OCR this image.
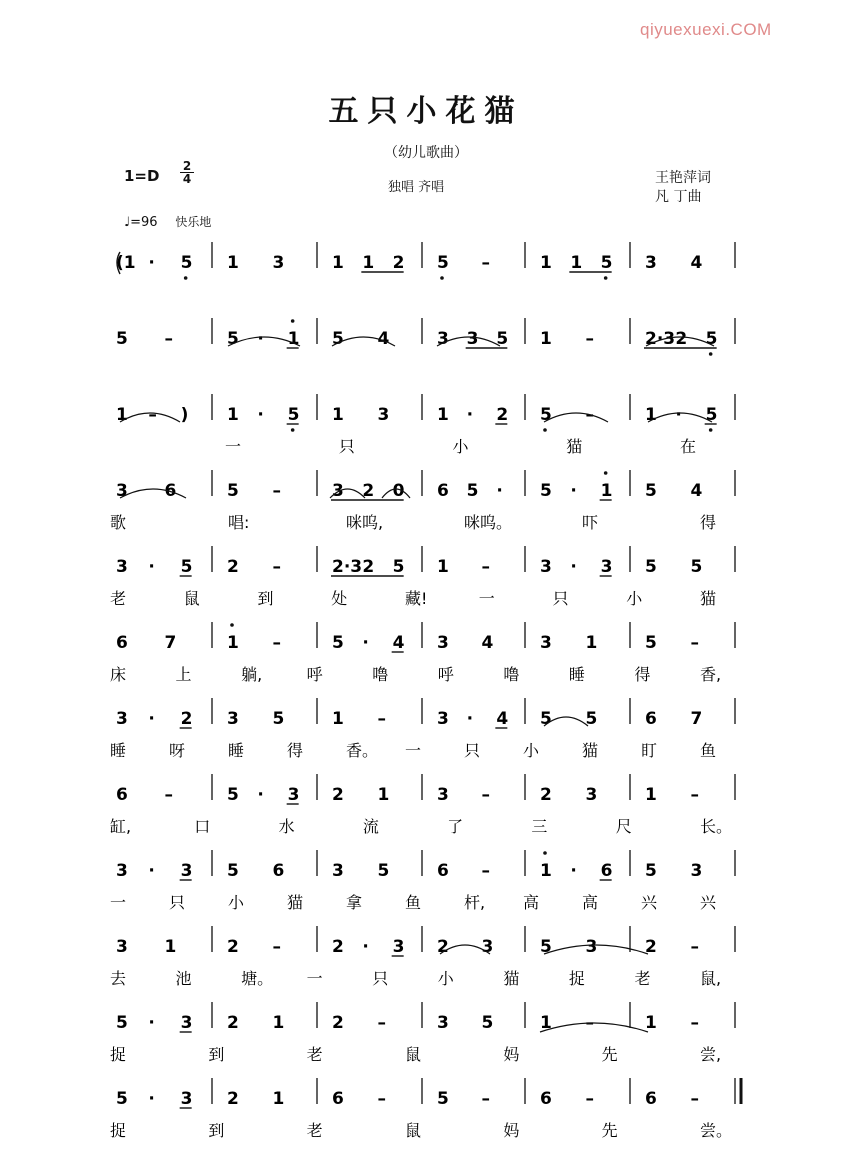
qiyuexuexi.COM
五只小花猫
（幼儿歌曲）
1=D
2
4
独唱 齐唱
王艳萍词
凡 丁曲
♩=96 快乐地
(1 · 5 1 3	1 1 2 5 –	1 1 5 3 4
5 –	5 · 1 5 4	3 3 5 1 –	2·3 2 5
1 – ) 1 · 5 1 3	1 · 2 5 –	1 · 5
一	只	小	猫	在
3 6	5 –	3 2 0 6 5 · 5 · 1 5 4
歌	唱:	咪呜,	咪呜。	吓	得
3 · 5 2 –	2·3 2 5 1 –	3 · 3 5 5
老	鼠	到	处	藏!	一	只	小	猫
6 7	1 –	5 · 4 3 4	3 1	5 –
床	上	躺,	呼	噜	呼	噜	睡	得	香,
3 · 2 3 5	1 –	3 · 4 5 5	6 7
睡	呀	睡	得	香。 一	只	小	猫	盯	鱼
6 –	5 · 3 2 1	3 –	2 3	1 –
缸,	口	水	流	了	三	尺	长。
3 · 3 5 6	3 5	6 –	1 · 6 5 3
一	只	小	猫	拿	鱼	杆, 高	高	兴	兴
3 1	2 –	2 · 3 2 3	5 3	2 –
去	池	塘。 一	只	小	猫	捉	老	鼠,
5 · 3 2 1	2 –	3 5	1 –	1 –
捉	到	老	鼠	妈	先	尝,
5 · 3 2 1	6 –	5 –	6 –	6 –
捉	到	老	鼠	妈	先	尝。
